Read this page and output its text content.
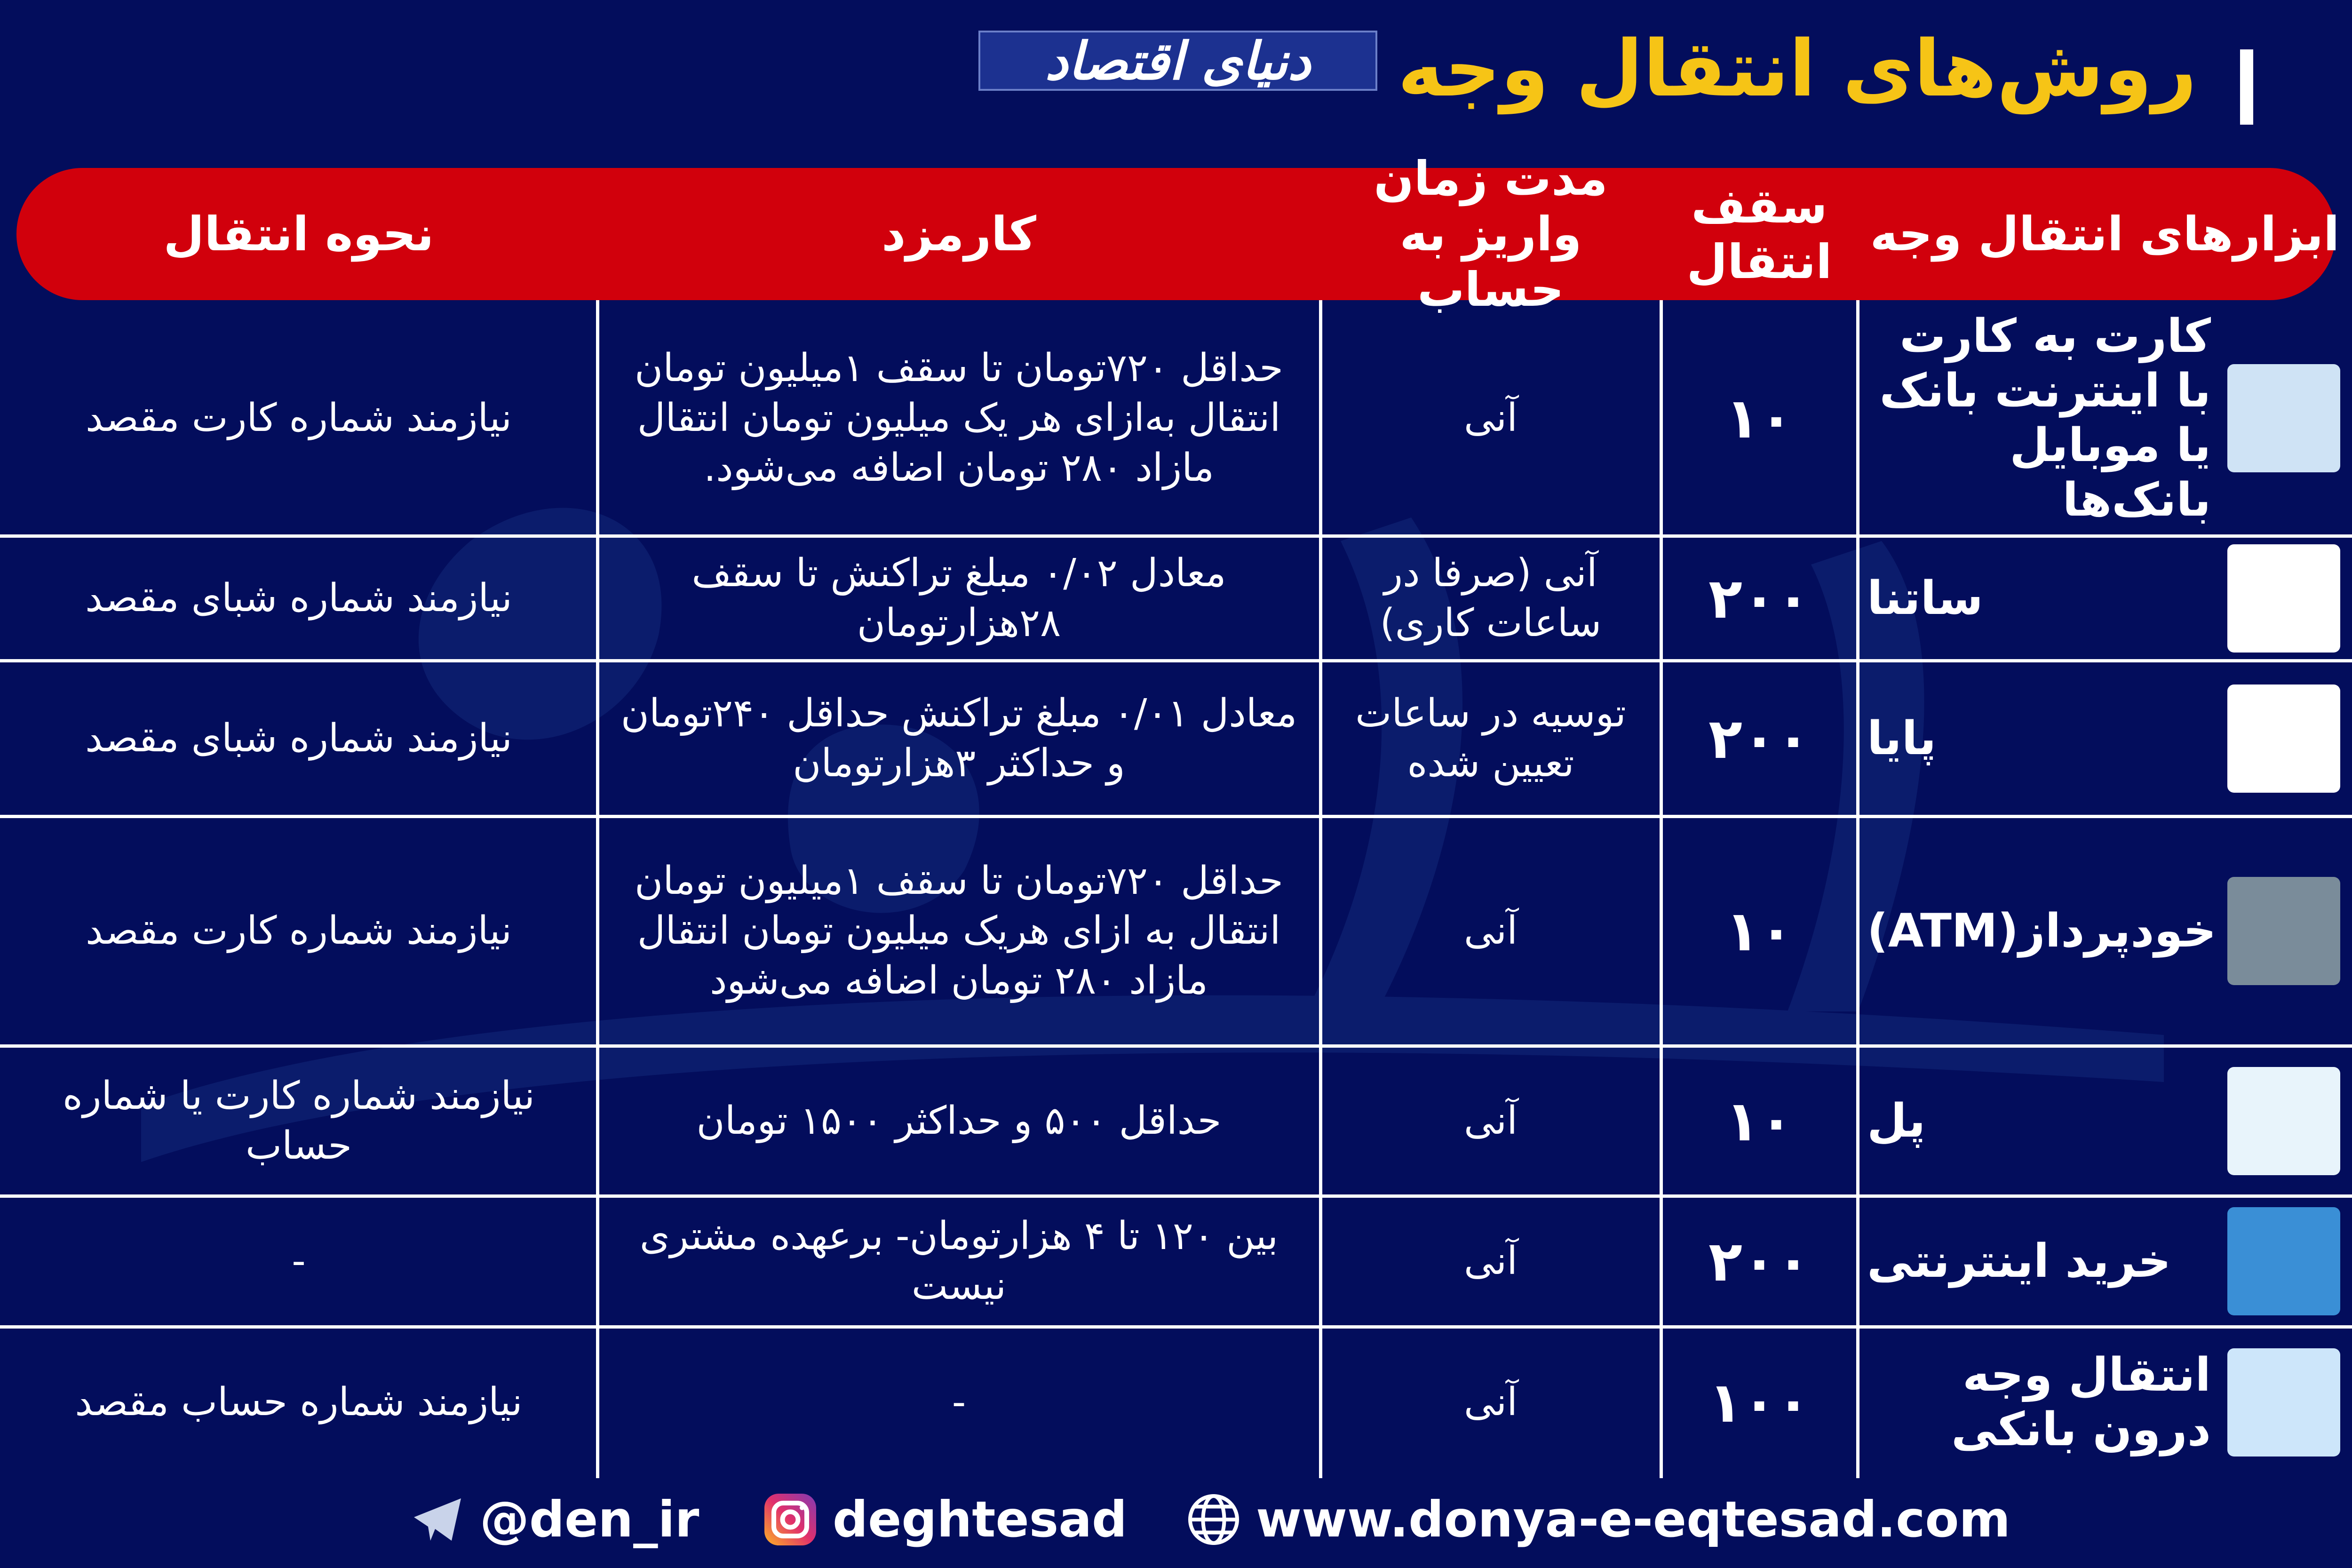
روش‌های انتقال وجه
دنیای اقتصاد
ابزارهای انتقال وجه
سقف انتقال
مدت زمان واریز به حساب
کارمزد
نحوه انتقال
کارت به کارت با اینترنت بانک یا موبایل بانک‌ها
۱۰
آنی
حداقل ۷۲۰تومان تا سقف ۱میلیون تومان انتقال به‌ازای هر یک میلیون تومان انتقال مازاد ۲۸۰ تومان اضافه می‌شود.
نیازمند شماره کارت مقصد
ساتنا
۲۰۰
آنی (صرفا در ساعات کاری)
معادل ۰/۰۲ مبلغ تراکنش تا سقف ۲۸هزارتومان
نیازمند شماره شبای مقصد
پایا
۲۰۰
توسیه در ساعات تعیین شده
معادل ۰/۰۱ مبلغ تراکنش حداقل ۲۴۰تومان و حداکثر ۳هزارتومان
نیازمند شماره شبای مقصد
خودپرداز(ATM)
۱۰
آنی
حداقل ۷۲۰تومان تا سقف ۱میلیون تومان انتقال به ازای هریک میلیون تومان انتقال مازاد ۲۸۰ تومان اضافه می‌شود
نیازمند شماره کارت مقصد
پل
۱۰
آنی
حداقل ۵۰۰ و حداکثر ۱۵۰۰ تومان
نیازمند شماره کارت یا شماره حساب
خرید اینترنتی
۲۰۰
آنی
بین ۱۲۰ تا ۴ هزارتومان- برعهده مشتری نیست
-
انتقال وجه درون بانکی
۱۰۰
آنی
-
نیازمند شماره حساب مقصد
@den_ir	deghtesad	www.donya-e-eqtesad.com
